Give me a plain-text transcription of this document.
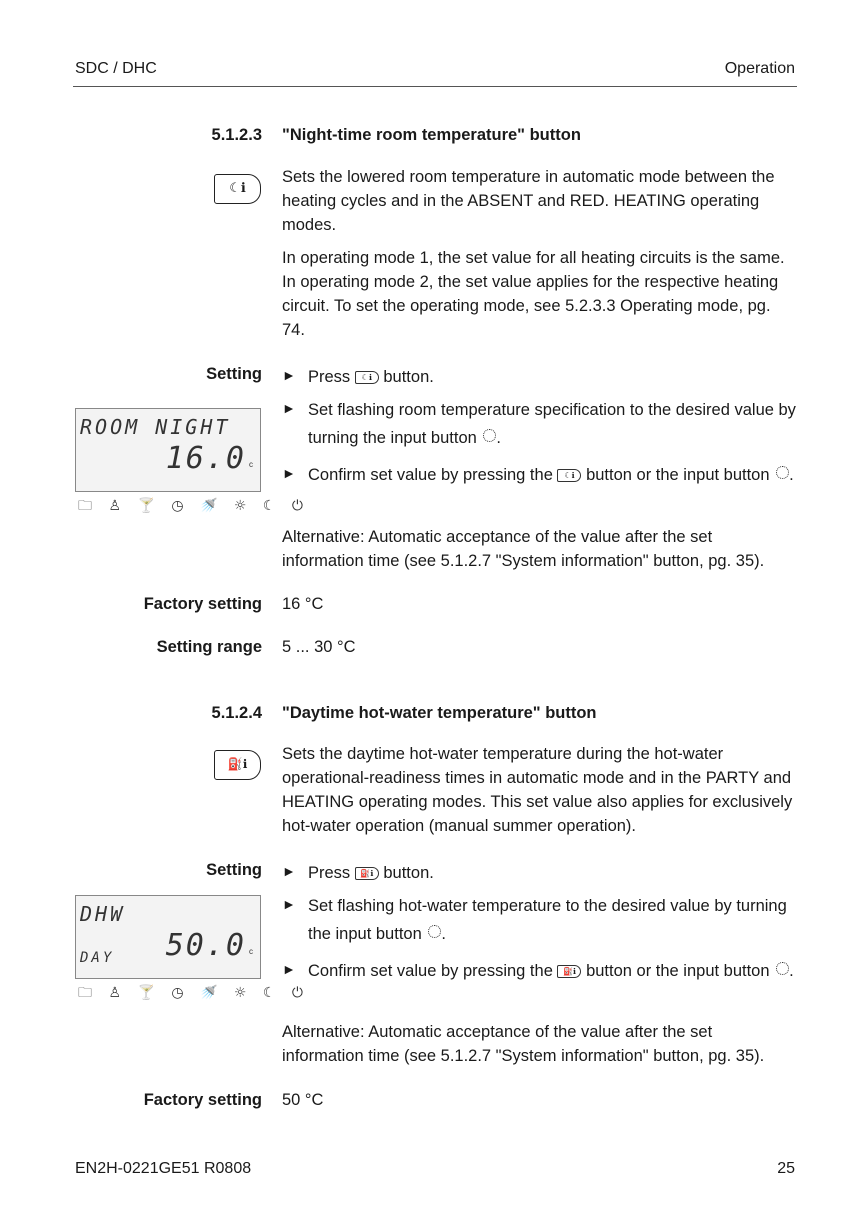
SDC / DHC	Operation
5.1.2.3 "Night-time room temperature" button
☾ℹ
Sets the lowered room temperature in automatic mode between the heating cycles and in the ABSENT and RED. HEATING operating modes.
In operating mode 1, the set value for all heating circuits is the same. In operating mode 2, the set value applies for the respective heating circuit. To set the operating mode, see 5.2.3.3 Operating mode, pg. 74.
Setting ► Press ☾ℹ button.
► Set flashing room temperature specification to the desired value by turning the input button .
► Confirm set value by pressing the ☾ℹ button or the input button .
Alternative: Automatic acceptance of the value after the set information time (see 5.1.2.7 "System information" button, pg. 35).
ROOM NIGHT
16.0 c
🗀 ♙ 🍸 ◷ 🚿 ☼ ☾ ⏻
Factory setting 16 °C
Setting range 5 ... 30 °C
5.1.2.4 "Daytime hot-water temperature" button
⛽ℹ
Sets the daytime hot-water temperature during the hot-water operational-readiness times in automatic mode and in the PARTY and HEATING operating modes. This set value also applies for exclusively hot-water operation (manual summer operation).
Setting ► Press ⛽ℹ button.
► Set flashing hot-water temperature to the desired value by turning the input button .
► Confirm set value by pressing the ⛽ℹ button or the input button .
Alternative: Automatic acceptance of the value after the set information time (see 5.1.2.7 "System information" button, pg. 35).
DHW
DAY 50.0 c
🗀 ♙ 🍸 ◷ 🚿 ☼ ☾ ⏻
Factory setting 50 °C
EN2H-0221GE51 R0808	25
